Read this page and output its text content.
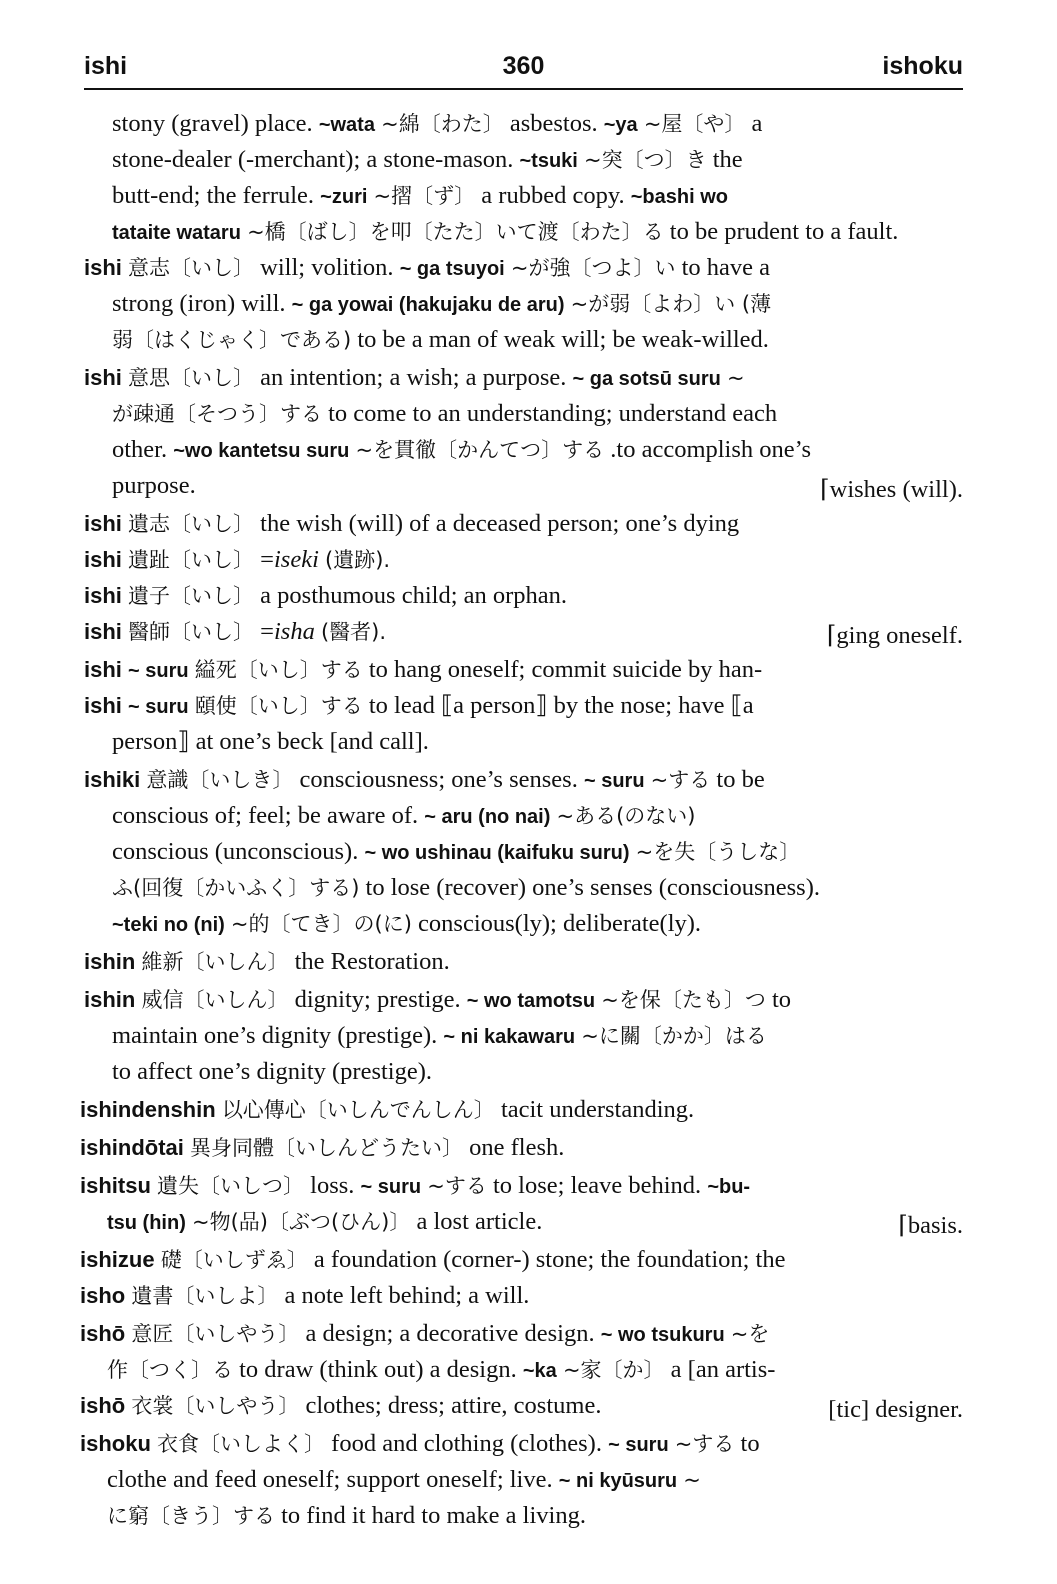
ishi	360	ishoku
stony (gravel) place. ~wata ~綿〔わた〕 asbestos. ~ya ~屋〔や〕 a
stone-dealer (-merchant); a stone-mason. ~tsuki ~突〔つ〕き the
butt-end; the ferrule. ~zuri ~摺〔ず〕 a rubbed copy. ~bashi wo
tataite wataru ~橋〔ばし〕を叩〔たた〕いて渡〔わた〕る to be prudent to a fault.
ishi 意志〔いし〕 will; volition. ~ ga tsuyoi ~が強〔つよ〕い to have a
strong (iron) will. ~ ga yowai (hakujaku de aru) ~が弱〔よわ〕い (薄
弱〔はくじゃく〕である) to be a man of weak will; be weak-willed.
ishi 意思〔いし〕 an intention; a wish; a purpose. ~ ga sotsū suru ~
が疎通〔そつう〕する to come to an understanding; understand each
other. ~wo kantetsu suru ~を貫徹〔かんてつ〕する .to accomplish one’s
purpose.	⌈wishes (will).
ishi 遺志〔いし〕 the wish (will) of a deceased person; one’s dying
ishi 遺趾〔いし〕 =iseki (遺跡).
ishi 遺子〔いし〕 a posthumous child; an orphan.
ishi 醫師〔いし〕 =isha (醫者).	⌈ging oneself.
ishi ~ suru 縊死〔いし〕する to hang oneself; commit suicide by han-
ishi ~ suru 頤使〔いし〕する to lead ⟦a person⟧ by the nose; have ⟦a
person⟧ at one’s beck [and call].
ishiki 意識〔いしき〕 consciousness; one’s senses. ~ suru ~する to be
conscious of; feel; be aware of. ~ aru (no nai) ~ある(のない)
conscious (unconscious). ~ wo ushinau (kaifuku suru) ~を失〔うしな〕
ふ(回復〔かいふく〕する) to lose (recover) one’s senses (consciousness).
~teki no (ni) ~的〔てき〕の(に) conscious(ly); deliberate(ly).
ishin 維新〔いしん〕 the Restoration.
ishin 威信〔いしん〕 dignity; prestige. ~ wo tamotsu ~を保〔たも〕つ to
maintain one’s dignity (prestige). ~ ni kakawaru ~に關〔かか〕はる
to affect one’s dignity (prestige).
ishindenshin 以心傳心〔いしんでんしん〕 tacit understanding.
ishindōtai 異身同體〔いしんどうたい〕 one flesh.
ishitsu 遺失〔いしつ〕 loss. ~ suru ~する to lose; leave behind. ~bu-
tsu (hin) ~物(品)〔ぶつ(ひん)〕 a lost article.	⌈basis.
ishizue 礎〔いしずゑ〕 a foundation (corner-) stone; the foundation; the
isho 遺書〔いしよ〕 a note left behind; a will.
ishō 意匠〔いしやう〕 a design; a decorative design. ~ wo tsukuru ~を
作〔つく〕る to draw (think out) a design. ~ka ~家〔か〕 a [an artis-
ishō 衣裳〔いしやう〕 clothes; dress; attire, costume.	[tic] designer.
ishoku 衣食〔いしよく〕 food and clothing (clothes). ~ suru ~する to
clothe and feed oneself; support oneself; live. ~ ni kyūsuru ~
に窮〔きう〕する to find it hard to make a living.
